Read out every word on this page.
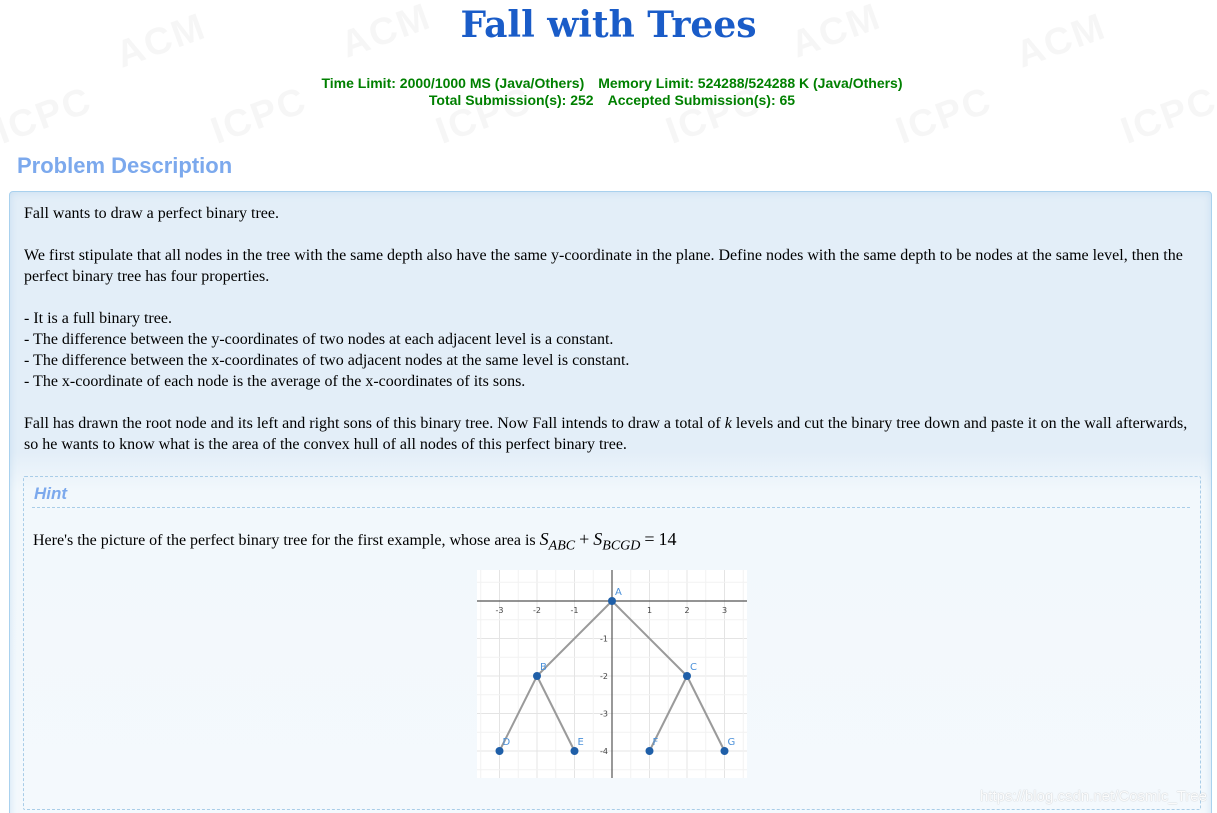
Fall with Trees
Time Limit: 2000/1000 MS (Java/Others) Memory Limit: 524288/524288 K (Java/Others)
Total Submission(s): 252 Accepted Submission(s): 65
Problem Description

Fall wants to draw a perfect binary tree.

We first stipulate that all nodes in the tree with the same depth also have the same y-coordinate in the plane. Define nodes with the same depth to be nodes at the same level, then the perfect binary tree has four properties.

- It is a full binary tree.
- The difference between the y-coordinates of two nodes at each adjacent level is a constant.
- The difference between the x-coordinates of two adjacent nodes at the same level is constant.
- The x-coordinate of each node is the average of the x-coordinates of its sons.

Fall has drawn the root node and its left and right sons of this binary tree. Now Fall intends to draw a total of k levels and cut the binary tree down and paste it on the wall afterwards, so he wants to know what is the area of the convex hull of all nodes of this perfect binary tree.

Hint
Here's the picture of the perfect binary tree for the first example, whose area is $S_{ABC} + S_{BCGD} = 14$
-3	-2	-1	1	2	3
-1
-2
-3
-4
A
B	C
D	E	F	G
https://blog.csdn.net/Cosmic_Tree
